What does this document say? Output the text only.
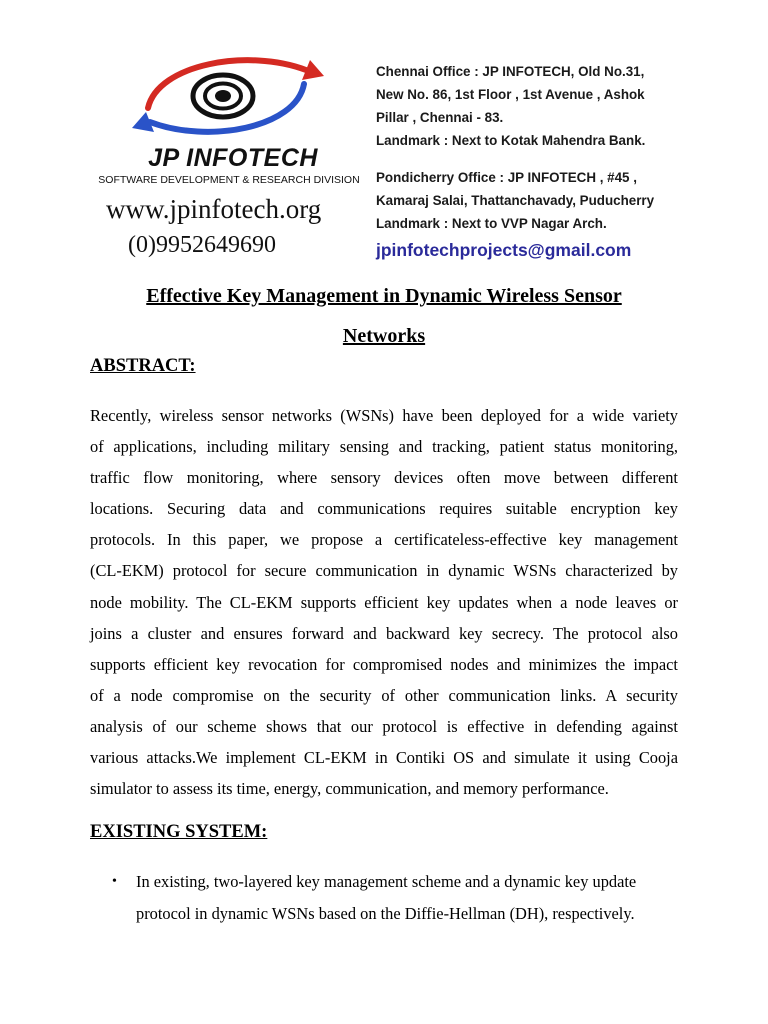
JP INFOTECH
SOFTWARE DEVELOPMENT & RESEARCH DIVISION
www.jpinfotech.org
(0)9952649690
Chennai Office : JP INFOTECH, Old No.31,
New No. 86, 1st Floor , 1st Avenue , Ashok
Pillar , Chennai - 83.
Landmark : Next to Kotak Mahendra Bank.
Pondicherry Office : JP INFOTECH , #45 ,
Kamaraj Salai, Thattanchavady, Puducherry
Landmark : Next to VVP Nagar Arch.
jpinfotechprojects@gmail.com
Effective Key Management in Dynamic Wireless Sensor
Networks
ABSTRACT:
Recently, wireless sensor networks (WSNs) have been deployed for a wide variety
of applications, including military sensing and tracking, patient status monitoring,
traffic flow monitoring, where sensory devices often move between different
locations. Securing data and communications requires suitable encryption key
protocols. In this paper, we propose a certificateless-effective key management
(CL-EKM) protocol for secure communication in dynamic WSNs characterized by
node mobility. The CL-EKM supports efficient key updates when a node leaves or
joins a cluster and ensures forward and backward key secrecy. The protocol also
supports efficient key revocation for compromised nodes and minimizes the impact
of a node compromise on the security of other communication links. A security
analysis of our scheme shows that our protocol is effective in defending against
various attacks.We implement CL-EKM in Contiki OS and simulate it using Cooja
simulator to assess its time, energy, communication, and memory performance.
EXISTING SYSTEM:
• In existing, two-layered key management scheme and a dynamic key update
protocol in dynamic WSNs based on the Diffie-Hellman (DH), respectively.
